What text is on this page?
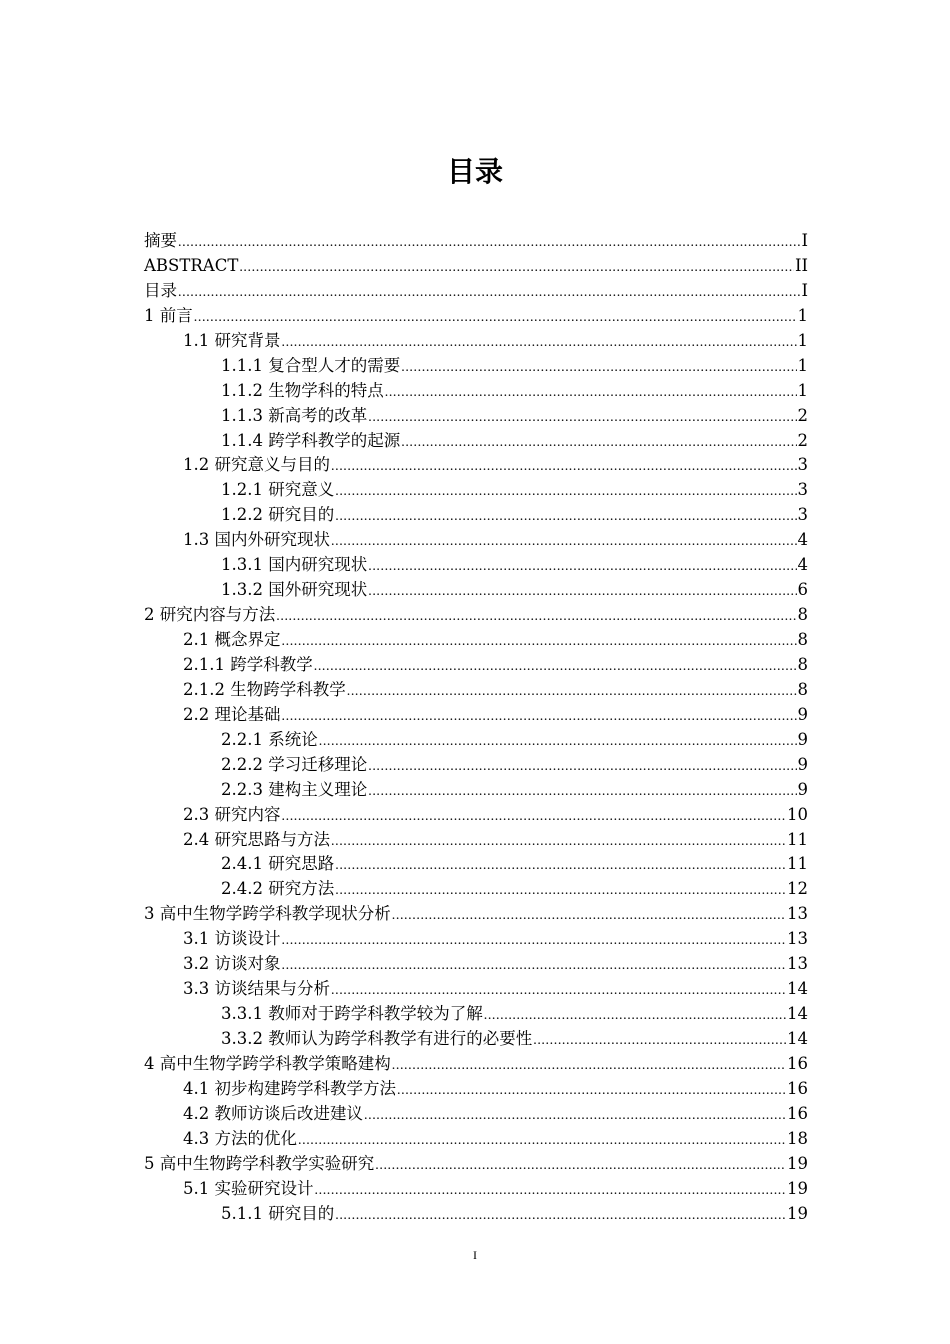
目录
摘要 .....	I
ABSTRACT .....	II
目录 .....	I
1 前言 .....	1
1.1 研究背景 .....	1
1.1.1 复合型人才的需要 .....	1
1.1.2 生物学科的特点 .....	1
1.1.3 新高考的改革 .....	2
1.1.4 跨学科教学的起源 .....	2
1.2 研究意义与目的 .....	3
1.2.1 研究意义 .....	3
1.2.2 研究目的 .....	3
1.3 国内外研究现状 .....	4
1.3.1 国内研究现状 .....	4
1.3.2 国外研究现状 .....	6
2 研究内容与方法 .....	8
2.1 概念界定 .....	8
2.1.1 跨学科教学 .....	8
2.1.2 生物跨学科教学 .....	8
2.2 理论基础 .....	9
2.2.1 系统论 .....	9
2.2.2 学习迁移理论 .....	9
2.2.3 建构主义理论 .....	9
2.3 研究内容 .....	10
2.4 研究思路与方法 .....	11
2.4.1 研究思路 .....	11
2.4.2 研究方法 .....	12
3 高中生物学跨学科教学现状分析 .....	13
3.1 访谈设计 .....	13
3.2 访谈对象 .....	13
3.3 访谈结果与分析 .....	14
3.3.1 教师对于跨学科教学较为了解 .....	14
3.3.2 教师认为跨学科教学有进行的必要性 .....	14
4 高中生物学跨学科教学策略建构 .....	16
4.1 初步构建跨学科教学方法 .....	16
4.2 教师访谈后改进建议 .....	16
4.3 方法的优化 .....	18
5 高中生物跨学科教学实验研究 .....	19
5.1 实验研究设计 .....	19
5.1.1 研究目的 .....	19
I
